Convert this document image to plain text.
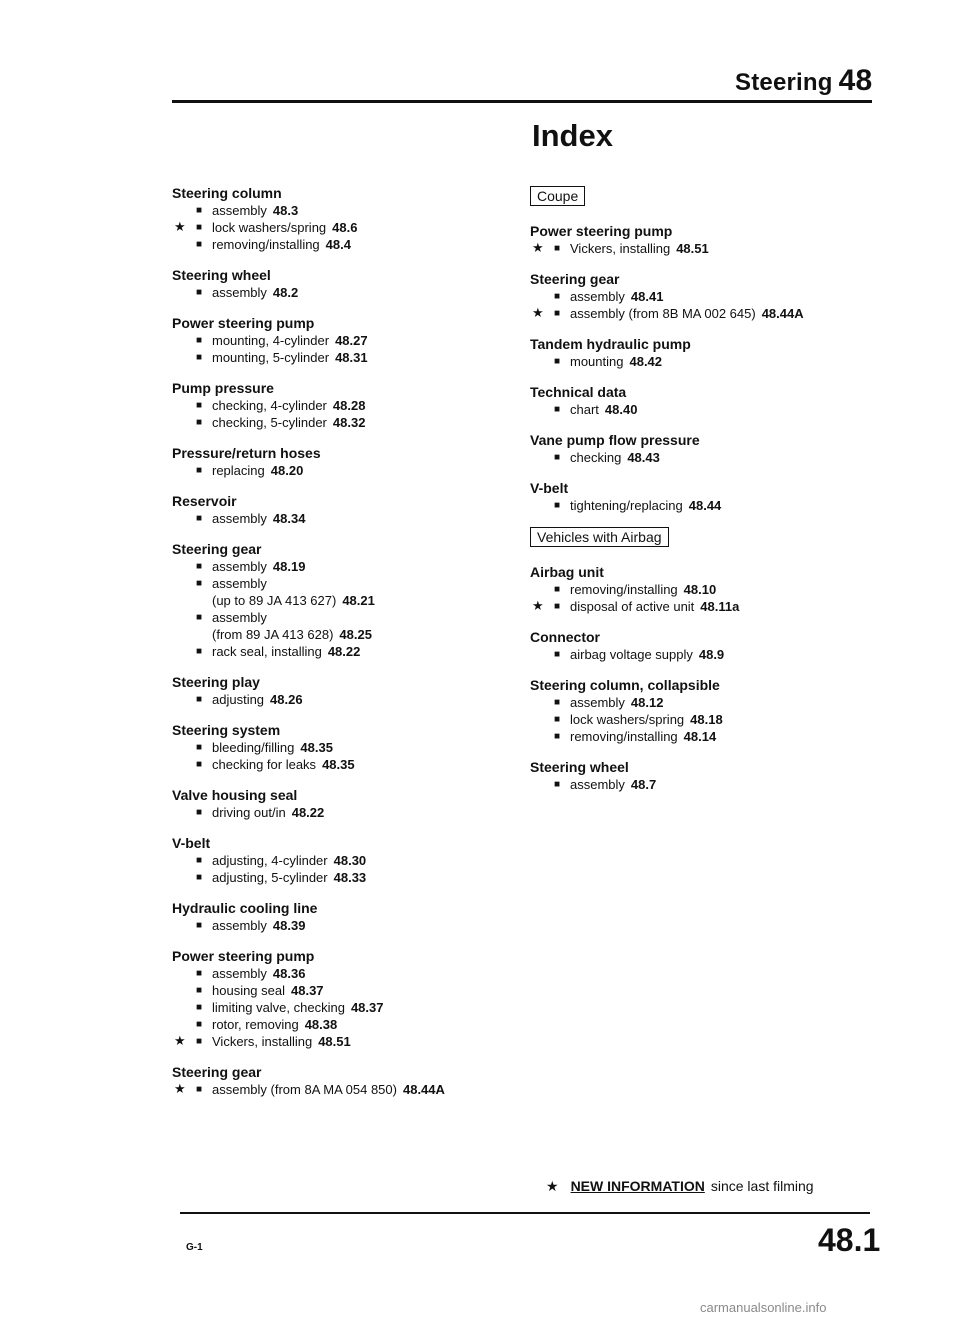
Steering 48
Index
Steering column
■ assembly 48.3
★ ■ lock washers/spring 48.6
■ removing/installing 48.4
Steering wheel
■ assembly 48.2
Power steering pump
■ mounting, 4-cylinder 48.27
■ mounting, 5-cylinder 48.31
Pump pressure
■ checking, 4-cylinder 48.28
■ checking, 5-cylinder 48.32
Pressure/return hoses
■ replacing 48.20
Reservoir
■ assembly 48.34
Steering gear
■ assembly 48.19
■ assembly
(up to 89 JA 413 627) 48.21
■ assembly
(from 89 JA 413 628) 48.25
■ rack seal, installing 48.22
Steering play
■ adjusting 48.26
Steering system
■ bleeding/filling 48.35
■ checking for leaks 48.35
Valve housing seal
■ driving out/in 48.22
V-belt
■ adjusting, 4-cylinder 48.30
■ adjusting, 5-cylinder 48.33
Hydraulic cooling line
■ assembly 48.39
Power steering pump
■ assembly 48.36
■ housing seal 48.37
■ limiting valve, checking 48.37
■ rotor, removing 48.38
★ ■ Vickers, installing 48.51
Steering gear
★ ■ assembly (from 8A MA 054 850) 48.44A
Coupe
Power steering pump
★ ■ Vickers, installing 48.51
Steering gear
■ assembly 48.41
★ ■ assembly (from 8B MA 002 645) 48.44A
Tandem hydraulic pump
■ mounting 48.42
Technical data
■ chart 48.40
Vane pump flow pressure
■ checking 48.43
V-belt
■ tightening/replacing 48.44
Vehicles with Airbag
Airbag unit
■ removing/installing 48.10
★ ■ disposal of active unit 48.11a
Connector
■ airbag voltage supply 48.9
Steering column, collapsible
■ assembly 48.12
■ lock washers/spring 48.18
■ removing/installing 48.14
Steering wheel
■ assembly 48.7
★ NEW INFORMATION since last filming
G-1	48.1
carmanualsonline.info
